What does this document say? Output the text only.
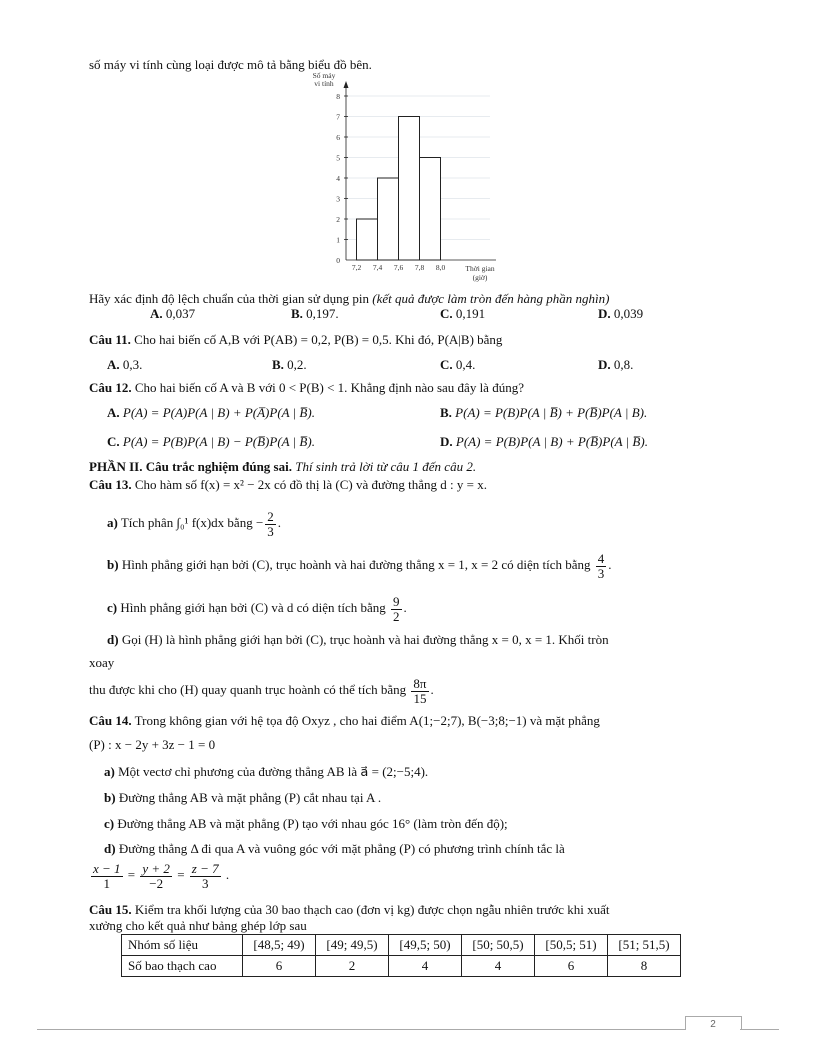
số máy vi tính cùng loại được mô tả bằng biểu đồ bên.
0
1
2
3
4
5
6
7
8
7,2 7,4 7,6 7,8 8,0
Số máy
vi tính
Thời gian
(giờ)
Hãy xác định độ lệch chuẩn của thời gian sử dụng pin (kết quả được làm tròn đến hàng phần nghìn)
A. 0,037	B. 0,197.	C. 0,191	D. 0,039
Câu 11. Cho hai biến cố A,B với P(AB) = 0,2, P(B) = 0,5. Khi đó, P(A|B) bằng
A. 0,3.	B. 0,2.	C. 0,4.	D. 0,8.
Câu 12. Cho hai biến cố A và B với 0 < P(B) < 1. Khẳng định nào sau đây là đúng?
A. P(A) = P(A)P(A | B) + P(A̅)P(A | B̅).	B. P(A) = P(B)P(A | B̅) + P(B̅)P(A | B).
C. P(A) = P(B)P(A | B) − P(B̅)P(A | B̅).	D. P(A) = P(B)P(A | B) + P(B̅)P(A | B̅).
PHẦN II. Câu trắc nghiệm đúng sai. Thí sinh trả lời từ câu 1 đến câu 2.
Câu 13. Cho hàm số f(x) = x² − 2x có đồ thị là (C) và đường thẳng d : y = x.
a) Tích phân ∫₀¹ f(x)dx bằng − $\frac{2}{3}$ .
b) Hình phẳng giới hạn bởi (C), trục hoành và hai đường thẳng x = 1, x = 2 có diện tích bằng $\frac{4}{3}$ .
c) Hình phẳng giới hạn bởi (C) và d có diện tích bằng $\frac{9}{2}$ .
d) Gọi (H) là hình phẳng giới hạn bởi (C), trục hoành và hai đường thẳng x = 0, x = 1. Khối tròn
xoay
thu được khi cho (H) quay quanh trục hoành có thể tích bằng $\frac{8\pi}{15}$ .
Câu 14. Trong không gian với hệ tọa độ Oxyz , cho hai điểm A(1;−2;7), B(−3;8;−1) và mặt phẳng
(P) : x − 2y + 3z − 1 = 0
a) Một vectơ chỉ phương của đường thẳng AB là a⃗ = (2;−5;4).
b) Đường thẳng AB và mặt phẳng (P) cắt nhau tại A .
c) Đường thẳng AB và mặt phẳng (P) tạo với nhau góc 16° (làm tròn đến độ);
d) Đường thẳng Δ đi qua A và vuông góc với mặt phẳng (P) có phương trình chính tắc là
$\frac{x - 1}{1} = \frac{y + 2}{-2} = \frac{z - 7}{3}$ .
Câu 15. Kiểm tra khối lượng của 30 bao thạch cao (đơn vị kg) được chọn ngẫu nhiên trước khi xuất
xưởng cho kết quả như bảng ghép lớp sau
Nhóm số liệu	[48,5; 49)	[49; 49,5)	[49,5; 50)	[50; 50,5)	[50,5; 51)	[51; 51,5)
Số bao thạch cao	6	2	4	4	6	8
2
